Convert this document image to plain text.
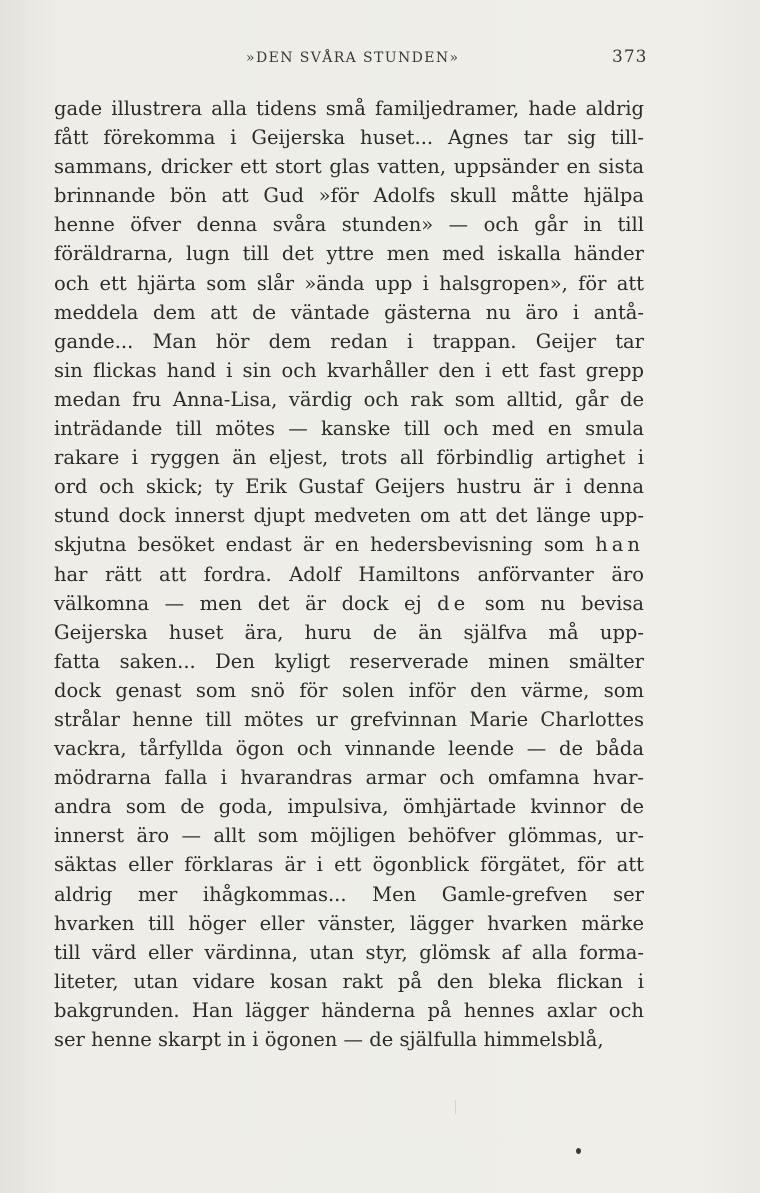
»DEN SVÅRA STUNDEN»	373
gade illustrera alla tidens små familjedramer, hade aldrig
fått förekomma i Geijerska huset... Agnes tar sig till-
sammans, dricker ett stort glas vatten, uppsänder en sista
brinnande bön att Gud »för Adolfs skull måtte hjälpa
henne öfver denna svåra stunden» — och går in till
föräldrarna, lugn till det yttre men med iskalla händer
och ett hjärta som slår »ända upp i halsgropen», för att
meddela dem att de väntade gästerna nu äro i antå-
gande... Man hör dem redan i trappan. Geijer tar
sin flickas hand i sin och kvarhåller den i ett fast grepp
medan fru Anna-Lisa, värdig och rak som alltid, går de
inträdande till mötes — kanske till och med en smula
rakare i ryggen än eljest, trots all förbindlig artighet i
ord och skick; ty Erik Gustaf Geijers hustru är i denna
stund dock innerst djupt medveten om att det länge upp-
skjutna besöket endast är en hedersbevisning som han
har rätt att fordra. Adolf Hamiltons anförvanter äro
välkomna — men det är dock ej de som nu bevisa
Geijerska huset ära, huru de än själfva må upp-
fatta saken... Den kyligt reserverade minen smälter
dock genast som snö för solen inför den värme, som
strålar henne till mötes ur grefvinnan Marie Charlottes
vackra, tårfyllda ögon och vinnande leende — de båda
mödrarna falla i hvarandras armar och omfamna hvar-
andra som de goda, impulsiva, ömhjärtade kvinnor de
innerst äro — allt som möjligen behöfver glömmas, ur-
säktas eller förklaras är i ett ögonblick förgätet, för att
aldrig mer ihågkommas... Men Gamle-grefven ser
hvarken till höger eller vänster, lägger hvarken märke
till värd eller värdinna, utan styr, glömsk af alla forma-
liteter, utan vidare kosan rakt på den bleka flickan i
bakgrunden. Han lägger händerna på hennes axlar och
ser henne skarpt in i ögonen — de själfulla himmelsblå,
